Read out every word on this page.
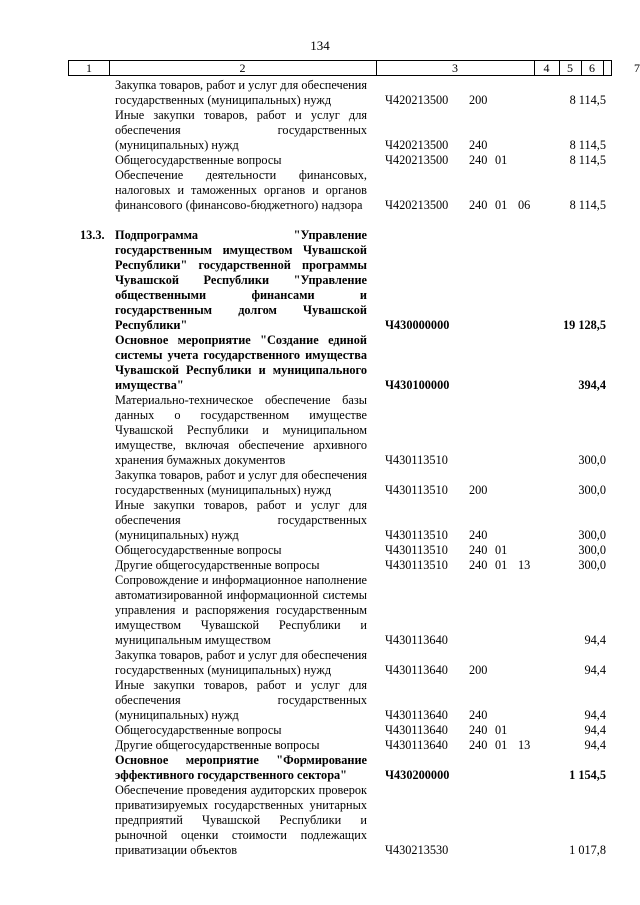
134
1	2	3	4	5	6	7
Закупка товаров, работ и услуг для обеспечения государственных (муниципальных) нужд	Ч420213500 200	8 114,5
Иные закупки товаров, работ и услуг для обеспечения государственных (муниципальных) нужд	Ч420213500 240	8 114,5
Общегосударственные вопросы	Ч420213500 240 01	8 114,5
Обеспечение деятельности финансовых, налоговых и таможенных органов и органов финансового (финансово-бюджетного) надзора	Ч420213500 240 01 06	8 114,5
13.3. Подпрограмма "Управление государственным имуществом Чувашской Республики" государственной программы Чувашской Республики "Управление общественными финансами и государственным долгом Чувашской Республики"	Ч430000000	19 128,5
Основное мероприятие "Создание единой системы учета государственного имущества Чувашской Республики и муниципального имущества"	Ч430100000	394,4
Материально-техническое обеспечение базы данных о государственном имуществе Чувашской Республики и муниципальном имуществе, включая обеспечение архивного хранения бумажных документов	Ч430113510	300,0
Закупка товаров, работ и услуг для обеспечения государственных (муниципальных) нужд	Ч430113510 200	300,0
Иные закупки товаров, работ и услуг для обеспечения государственных (муниципальных) нужд	Ч430113510 240	300,0
Общегосударственные вопросы	Ч430113510 240 01	300,0
Другие общегосударственные вопросы	Ч430113510 240 01 13	300,0
Сопровождение и информационное наполнение автоматизированной информационной системы управления и распоряжения государственным имуществом Чувашской Республики и муниципальным имуществом	Ч430113640	94,4
Закупка товаров, работ и услуг для обеспечения государственных (муниципальных) нужд	Ч430113640 200	94,4
Иные закупки товаров, работ и услуг для обеспечения государственных (муниципальных) нужд	Ч430113640 240	94,4
Общегосударственные вопросы	Ч430113640 240 01	94,4
Другие общегосударственные вопросы	Ч430113640 240 01 13	94,4
Основное мероприятие "Формирование эффективного государственного сектора"	Ч430200000	1 154,5
Обеспечение проведения аудиторских проверок приватизируемых государственных унитарных предприятий Чувашской Республики и рыночной оценки стоимости подлежащих приватизации объектов	Ч430213530	1 017,8
